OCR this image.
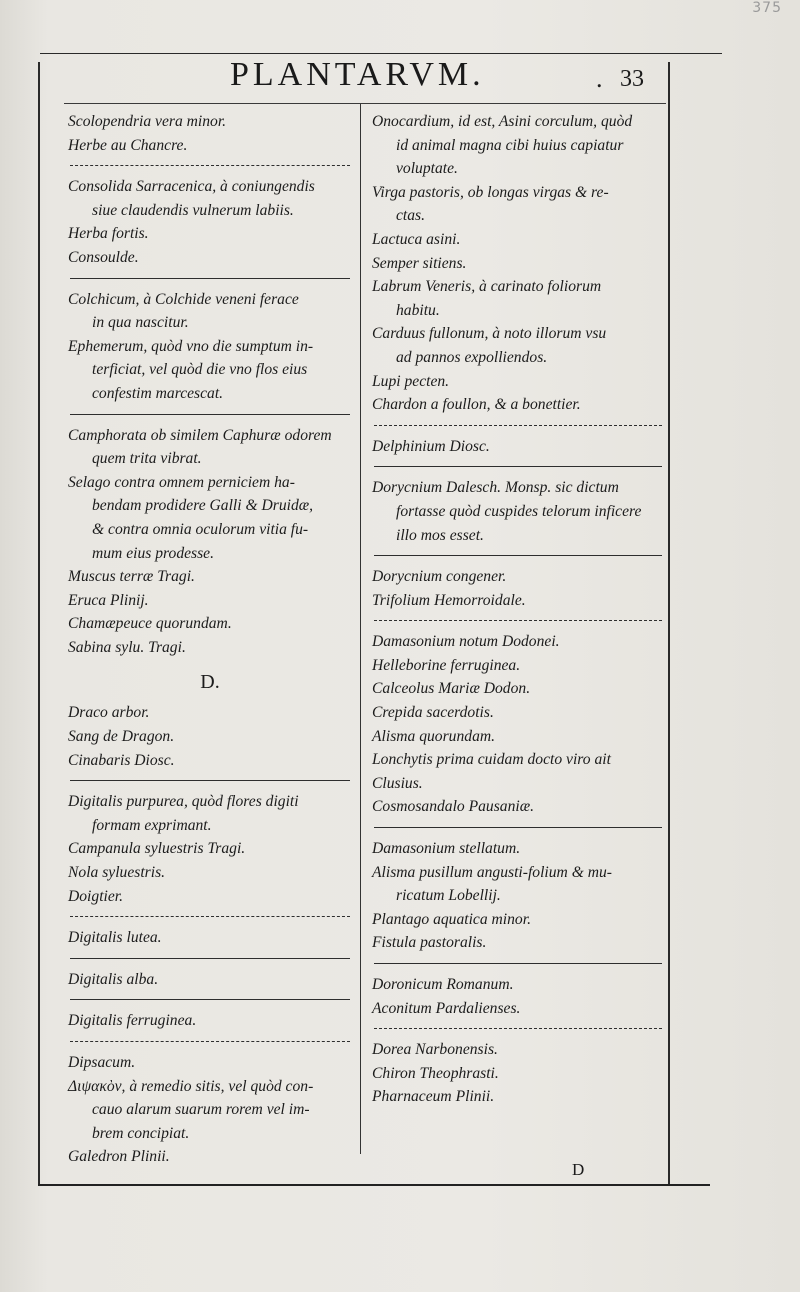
375
PLANTARVM.	. 33
Scolopendria vera minor.
Herbe au Chancre.
Consolida Sarracenica, à coniungendis
siue claudendis vulnerum labiis.
Herba fortis.
Consoulde.
Colchicum, à Colchide veneni ferace
in qua nascitur.
Ephemerum, quòd vno die sumptum in-
terficiat, vel quòd die vno flos eius
confestim marcescat.
Camphorata ob similem Caphuræ odorem
quem trita vibrat.
Selago contra omnem perniciem ha-
bendam prodidere Galli & Druidæ,
& contra omnia oculorum vitia fu-
mum eius prodesse.
Muscus terræ Tragi.
Eruca Plinij.
Chamæpeuce quorundam.
Sabina sylu. Tragi.
D.
Draco arbor.
Sang de Dragon.
Cinabaris Diosc.
Digitalis purpurea, quòd flores digiti
formam exprimant.
Campanula syluestris Tragi.
Nola syluestris.
Doigtier.
Digitalis lutea.
Digitalis alba.
Digitalis ferruginea.
Dipsacum.
Διψακὸν, à remedio sitis, vel quòd con-
cauo alarum suarum rorem vel im-
brem concipiat.
Galedron Plinii.
Onocardium, id est, Asini corculum, quòd
id animal magna cibi huius capiatur
voluptate.
Virga pastoris, ob longas virgas & re-
ctas.
Lactuca asini.
Semper sitiens.
Labrum Veneris, à carinato foliorum
habitu.
Carduus fullonum, à noto illorum vsu
ad pannos expolliendos.
Lupi pecten.
Chardon a foullon, & a bonettier.
Delphinium Diosc.
Dorycnium Dalesch. Monsp. sic dictum
fortasse quòd cuspides telorum inficere
illo mos esset.
Dorycnium congener.
Trifolium Hemorroidale.
Damasonium notum Dodonei.
Helleborine ferruginea.
Calceolus Mariæ Dodon.
Crepida sacerdotis.
Alisma quorundam.
Lonchytis prima cuidam docto viro ait
Clusius.
Cosmosandalo Pausaniæ.
Damasonium stellatum.
Alisma pusillum angusti-folium & mu-
ricatum Lobellij.
Plantago aquatica minor.
Fistula pastoralis.
Doronicum Romanum.
Aconitum Pardalienses.
Dorea Narbonensis.
Chiron Theophrasti.
Pharnaceum Plinii.
D
